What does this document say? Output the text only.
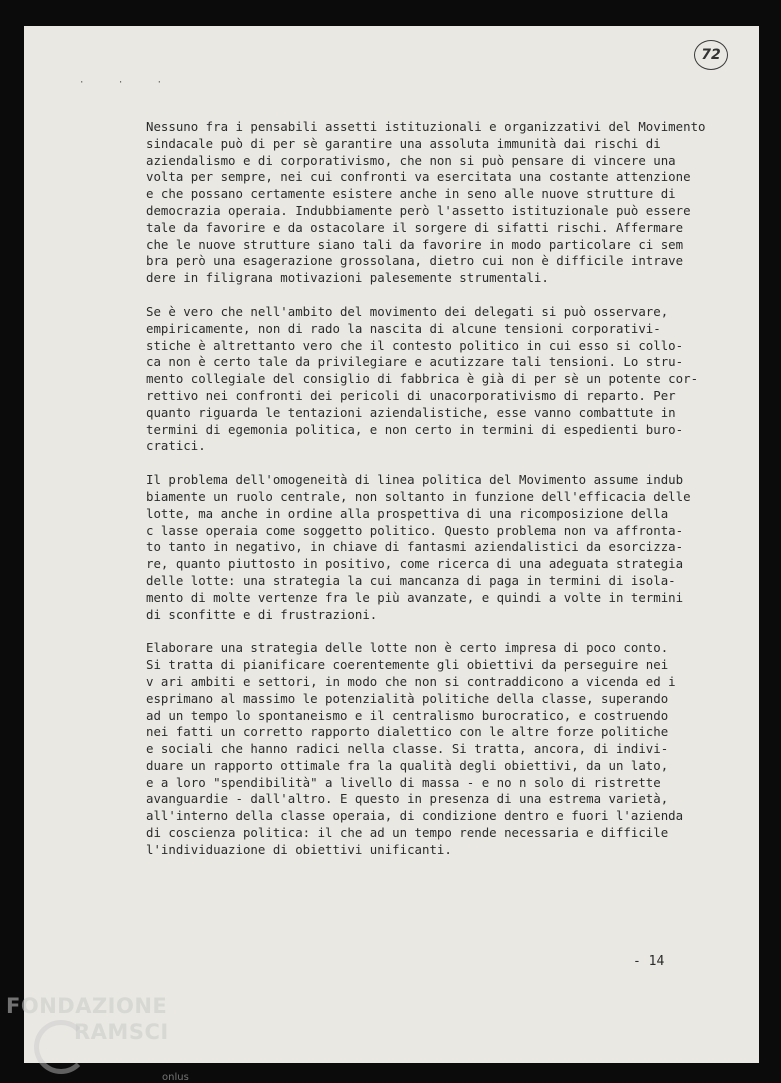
· · ·
72

Nessuno fra i pensabili assetti istituzionali e organizzativi del Movimento
sindacale può di per sè garantire una assoluta immunità dai rischi di
aziendalismo e di corporativismo, che non si può pensare di vincere una
volta per sempre, nei cui confronti va esercitata una costante attenzione
e che possano certamente esistere anche in seno alle nuove strutture di
democrazia operaia. Indubbiamente però l'assetto istituzionale può essere
tale da favorire e da ostacolare il sorgere di sifatti rischi. Affermare
che le nuove strutture siano tali da favorire in modo particolare ci sem
bra però una esagerazione grossolana, dietro cui non è difficile intrave
dere in filigrana motivazioni palesemente strumentali.

Se è vero che nell'ambito del movimento dei delegati si può osservare,
empiricamente, non di rado la nascita di alcune tensioni corporativi-
stiche è altrettanto vero che il contesto politico in cui esso si collo-
ca non è certo tale da privilegiare e acutizzare tali tensioni. Lo stru-
mento collegiale del consiglio di fabbrica è già di per sè un potente cor-
rettivo nei confronti dei pericoli di unacorporativismo di reparto. Per
quanto riguarda le tentazioni aziendalistiche, esse vanno combattute in
termini di egemonia politica, e non certo in termini di espedienti buro-
cratici.

Il problema dell'omogeneità di linea politica del Movimento assume indub
biamente un ruolo centrale, non soltanto in funzione dell'efficacia delle
lotte, ma anche in ordine alla prospettiva di una ricomposizione della
c lasse operaia come soggetto politico. Questo problema non va affronta-
to tanto in negativo, in chiave di fantasmi aziendalistici da esorcizza-
re, quanto piuttosto in positivo, come ricerca di una adeguata strategia
delle lotte: una strategia la cui mancanza di paga in termini di isola-
mento di molte vertenze fra le più avanzate, e quindi a volte in termini
di sconfitte e di frustrazioni.

Elaborare una strategia delle lotte non è certo impresa di poco conto.
Si tratta di pianificare coerentemente gli obiettivi da perseguire nei
v ari ambiti e settori, in modo che non si contraddicono a vicenda ed i
esprimano al massimo le potenzialità politiche della classe, superando
ad un tempo lo spontaneismo e il centralismo burocratico, e costruendo
nei fatti un corretto rapporto dialettico con le altre forze politiche
e sociali che hanno radici nella classe. Si tratta, ancora, di indivi-
duare un rapporto ottimale fra la qualità degli obiettivi, da un lato,
e a loro "spendibilità" a livello di massa - e no n solo di ristrette
avanguardie - dall'altro. E questo in presenza di una estrema varietà,
all'interno della classe operaia, di condizione dentro e fuori l'azienda
di coscienza politica: il che ad un tempo rende necessaria e difficile
l'individuazione di obiettivi unificanti.

- 14
FONDAZIONE
RAMSCI
onlus
